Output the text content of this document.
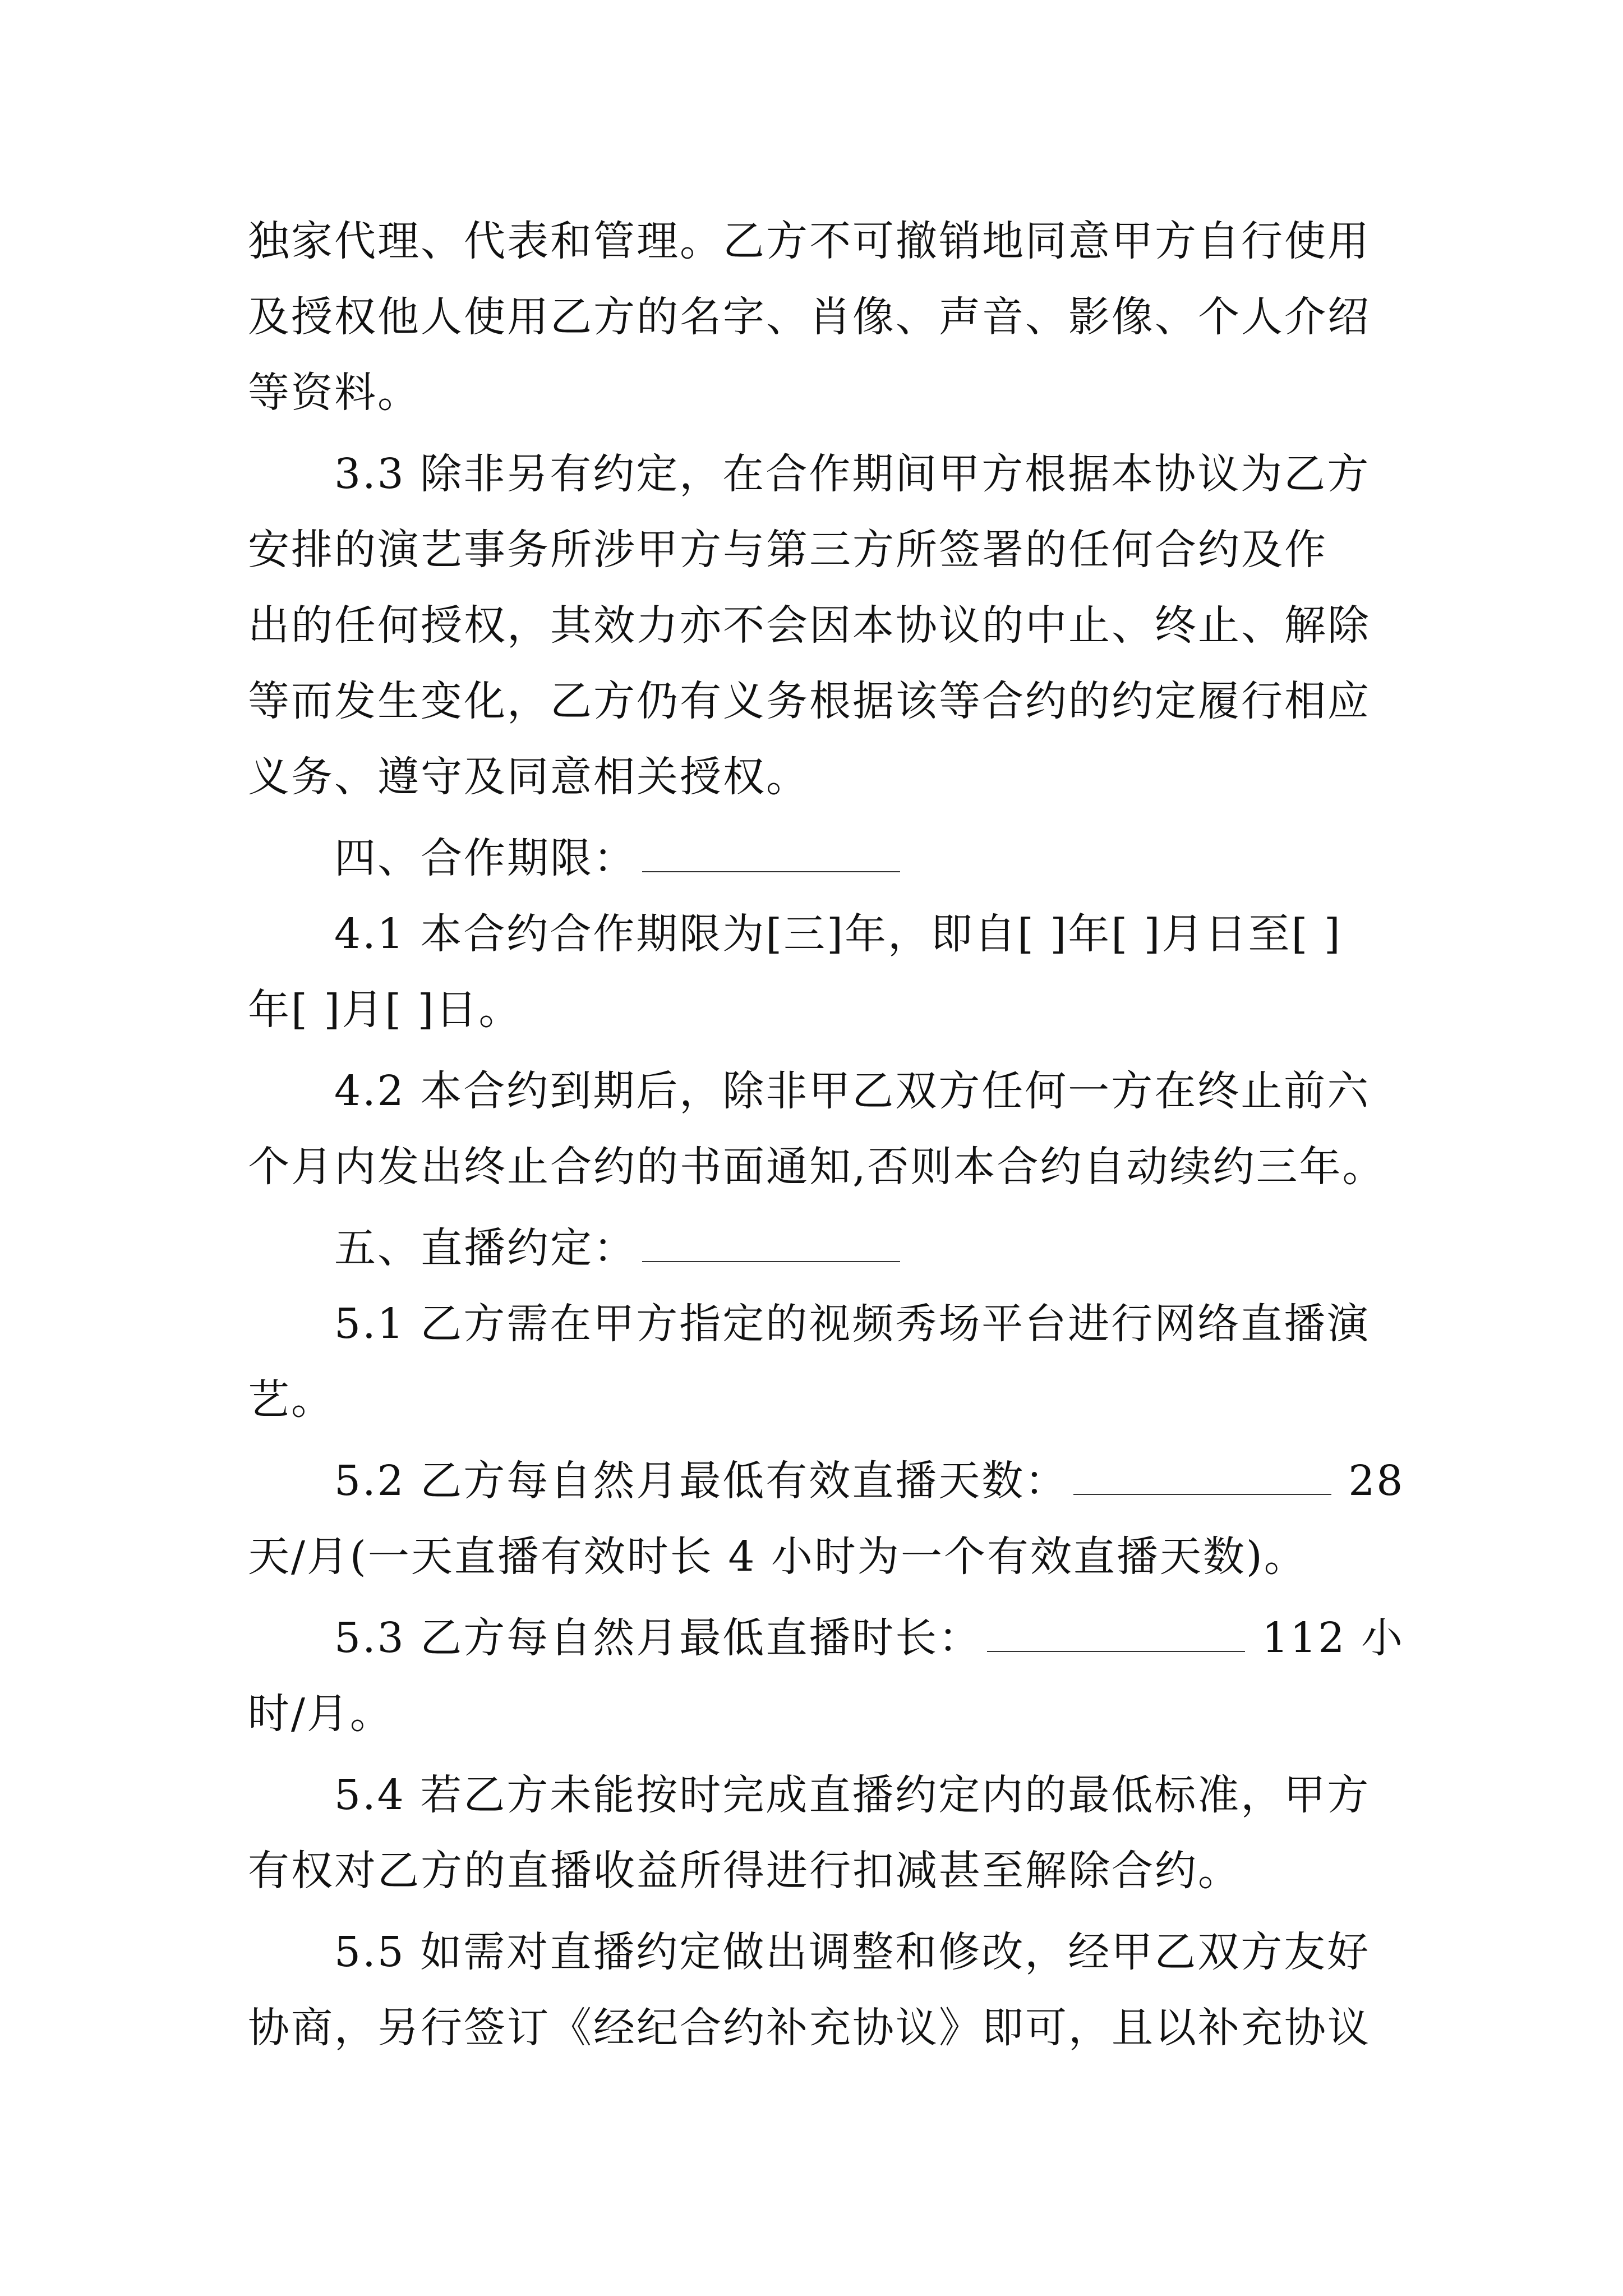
独家代理、代表和管理。乙方不可撤销地同意甲方自行使用
及授权他人使用乙方的名字、肖像、声音、影像、个人介绍
等资料。
3.3 除非另有约定，在合作期间甲方根据本协议为乙方
安排的演艺事务所涉甲方与第三方所签署的任何合约及作
出的任何授权，其效力亦不会因本协议的中止、终止、解除
等而发生变化，乙方仍有义务根据该等合约的约定履行相应
义务、遵守及同意相关授权。
四、合作期限：
4.1 本合约合作期限为[三]年，即自[ ]年[ ]月日至[ ]
年[ ]月[ ]日。
4.2 本合约到期后，除非甲乙双方任何一方在终止前六
个月内发出终止合约的书面通知,否则本合约自动续约三年。
五、直播约定：
5.1 乙方需在甲方指定的视频秀场平台进行网络直播演
艺。
5.2 乙方每自然月最低有效直播天数：	28
天/月(一天直播有效时长 4 小时为一个有效直播天数)。
5.3 乙方每自然月最低直播时长：	112 小
时/月。
5.4 若乙方未能按时完成直播约定内的最低标准，甲方
有权对乙方的直播收益所得进行扣减甚至解除合约。
5.5 如需对直播约定做出调整和修改，经甲乙双方友好
协商，另行签订《经纪合约补充协议》即可，且以补充协议
